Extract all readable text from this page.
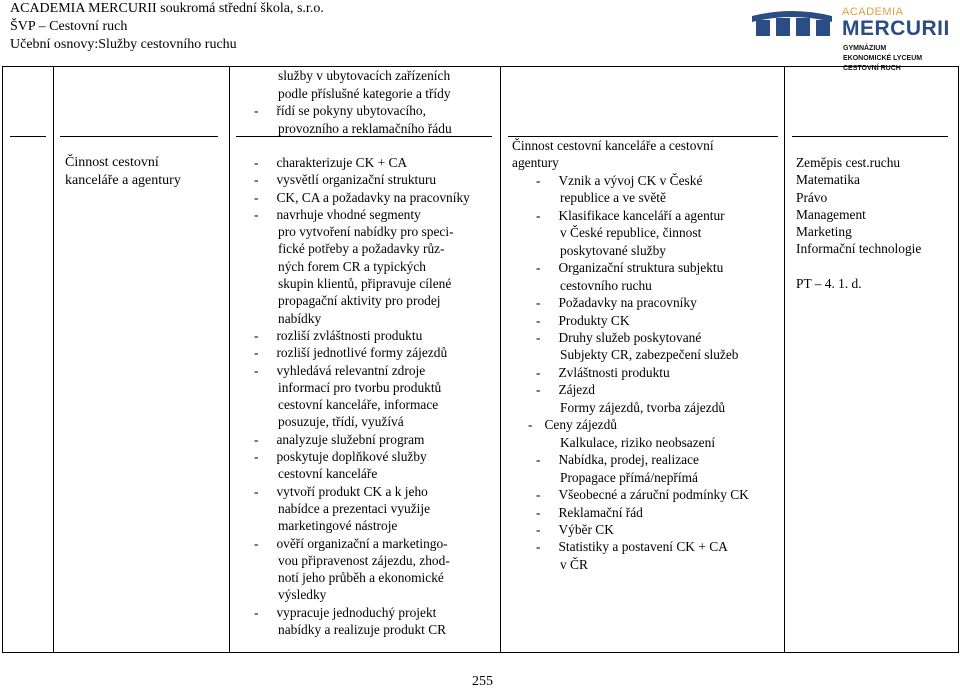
ACADEMIA MERCURII soukromá střední škola, s.r.o.
ŠVP – Cestovní ruch
Učební osnovy:Služby cestovního ruchu
ACADEMIA
MERCURII
GYMNÁZIUM
EKONOMICKÉ LYCEUM
CESTOVNÍ RUCH
Činnost cestovní
kanceláře a agentury
služby v ubytovacích zařízeních
podle příslušné kategorie a třídy
- řídí se pokyny ubytovacího,
provozního a reklamačního řádu
- charakterizuje CK + CA
- vysvětlí organizační strukturu
- CK, CA a požadavky na pracovníky
- navrhuje vhodné segmenty
pro vytvoření nabídky pro speci-
fické potřeby a požadavky růz-
ných forem CR a typických
skupin klientů, připravuje cílené
propagační aktivity pro prodej
nabídky
- rozliší zvláštnosti produktu
- rozliší jednotlivé formy zájezdů
- vyhledává relevantní zdroje
informací pro tvorbu produktů
cestovní kanceláře, informace
posuzuje, třídí, využívá
- analyzuje služební program
- poskytuje doplňkové služby
cestovní kanceláře
- vytvoří produkt CK a k jeho
nabídce a prezentaci využije
marketingové nástroje
- ověří organizační a marketingo-
vou připravenost zájezdu, zhod-
notí jeho průběh a ekonomické
výsledky
- vypracuje jednoduchý projekt
nabídky a realizuje produkt CR
Činnost cestovní kanceláře a cestovní
agentury
- Vznik a vývoj CK v České
republice a ve světě
- Klasifikace kanceláří a agentur
v České republice, činnost
poskytované služby
- Organizační struktura subjektu
cestovního ruchu
- Požadavky na pracovníky
- Produkty CK
- Druhy služeb poskytované
Subjekty CR, zabezpečení služeb
- Zvláštnosti produktu
- Zájezd
Formy zájezdů, tvorba zájezdů
- Ceny zájezdů
Kalkulace, riziko neobsazení
- Nabídka, prodej, realizace
Propagace přímá/nepřímá
- Všeobecné a záruční podmínky CK
- Reklamační řád
- Výběr CK
- Statistiky a postavení CK + CA
v ČR
Zeměpis cest.ruchu
Matematika
Právo
Management
Marketing
Informační technologie
PT – 4. 1. d.
255
